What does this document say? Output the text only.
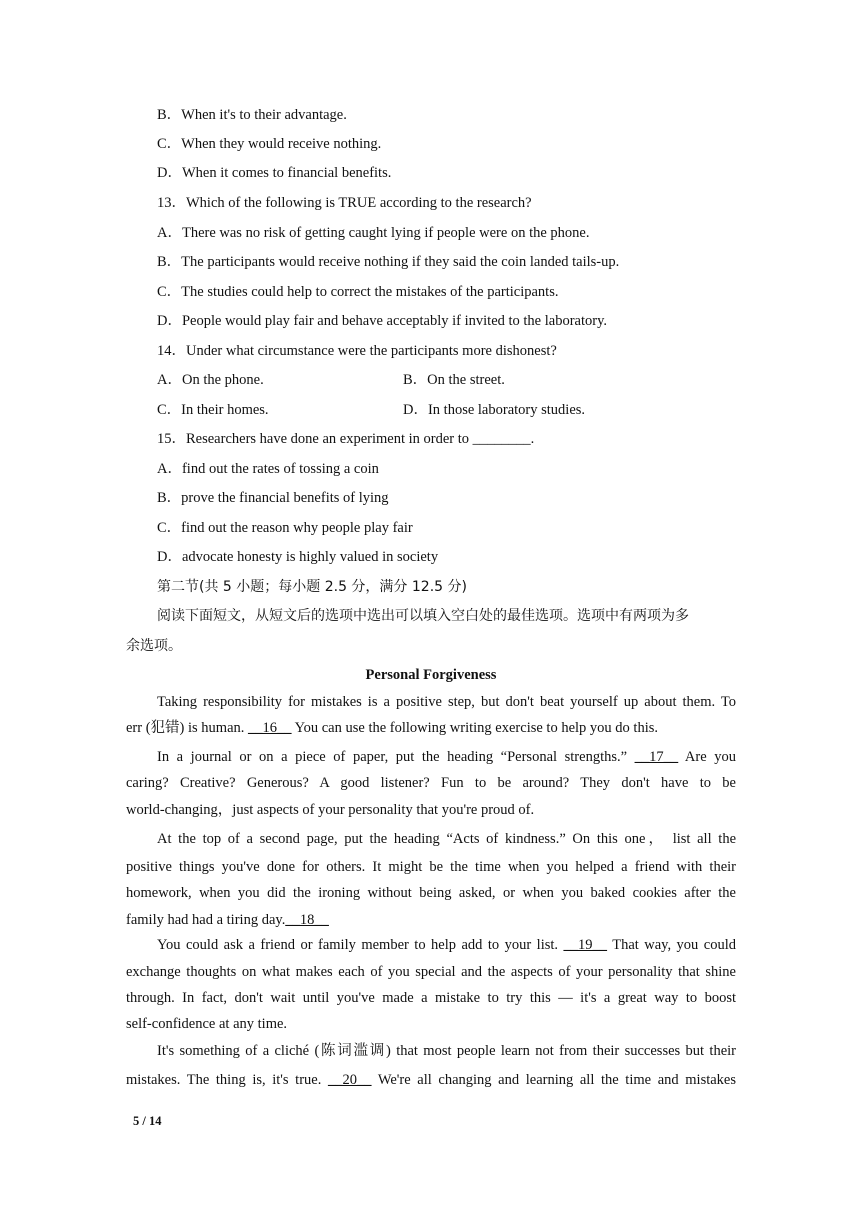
B．When it's to their advantage.
C．When they would receive nothing.
D．When it comes to financial benefits.
13．Which of the following is TRUE according to the research?
A．There was no risk of getting caught lying if people were on the phone.
B．The participants would receive nothing if they said the coin landed tails-up.
C．The studies could help to correct the mistakes of the participants.
D．People would play fair and behave acceptably if invited to the laboratory.
14．Under what circumstance were the participants more dishonest?
A．On the phone.	B．On the street.
C．In their homes.	D．In those laboratory studies.
15．Researchers have done an experiment in order to ________.
A．find out the rates of tossing a coin
B．prove the financial benefits of lying
C．find out the reason why people play fair
D．advocate honesty is highly valued in society
第二节(共 5 小题；每小题 2.5 分，满分 12.5 分)
阅读下面短文，从短文后的选项中选出可以填入空白处的最佳选项。选项中有两项为多
余选项。
Personal Forgiveness
Taking responsibility for mistakes is a positive step, but don't beat yourself up about them. To
err (犯错) is human. __16__ You can use the following writing exercise to help you do this.
In a journal or on a piece of paper, put the heading “Personal strengths.” __17__ Are you
caring? Creative? Generous? A good listener? Fun to be around? They don't have to be
world-changing，just aspects of your personality that you're proud of.
At the top of a second page, put the heading “Acts of kindness.” On this one， list all the
positive things you've done for others. It might be the time when you helped a friend with their
homework, when you did the ironing without being asked, or when you baked cookies after the
family had had a tiring day.__18__
You could ask a friend or family member to help add to your list. __19__ That way, you could
exchange thoughts on what makes each of you special and the aspects of your personality that shine
through. In fact, don't wait until you've made a mistake to try this — it's a great way to boost
self-confidence at any time.
It's something of a cliché (陈词滥调) that most people learn not from their successes but their
mistakes. The thing is, it's true. __20__ We're all changing and learning all the time and mistakes
5 / 14
